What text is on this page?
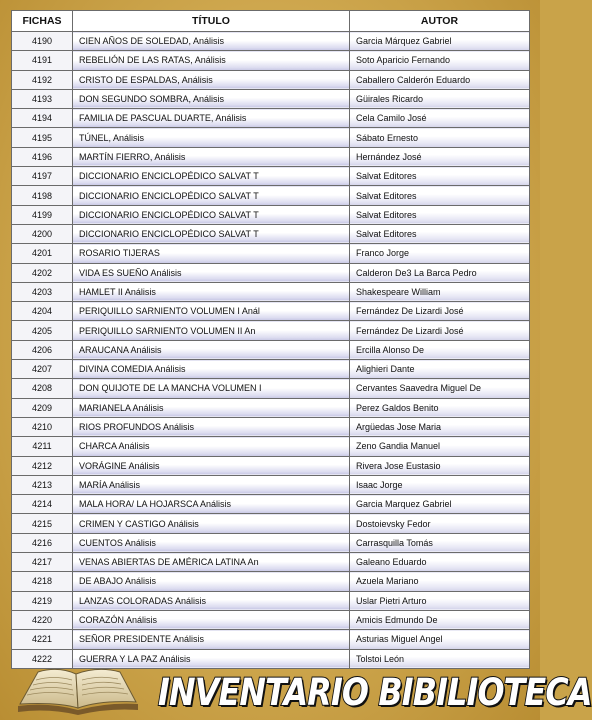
FICHAS	TÍTULO	AUTOR
4190	CIEN AÑOS DE SOLEDAD, Análisis	Garcia Márquez Gabriel
4191	REBELIÓN DE LAS RATAS, Análisis	Soto Aparicio Fernando
4192	CRISTO DE ESPALDAS, Análisis	Caballero Calderón Eduardo
4193	DON SEGUNDO SOMBRA, Análisis	Güirales Ricardo
4194	FAMILIA DE PASCUAL DUARTE, Análisis	Cela Camilo José
4195	TÚNEL, Análisis	Sábato Ernesto
4196	MARTÍN FIERRO, Análisis	Hernández José
4197	DICCIONARIO ENCICLOPÉDICO SALVAT T	Salvat Editores
4198	DICCIONARIO ENCICLOPÉDICO SALVAT T	Salvat Editores
4199	DICCIONARIO ENCICLOPÉDICO SALVAT T	Salvat Editores
4200	DICCIONARIO ENCICLOPÉDICO SALVAT T	Salvat Editores
4201	ROSARIO TIJERAS	Franco Jorge
4202	VIDA ES SUEÑO Análisis	Calderon De3 La Barca Pedro
4203	HAMLET II Análisis	Shakespeare William
4204	PERIQUILLO SARNIENTO VOLUMEN I Anál	Fernández De Lizardi José
4205	PERIQUILLO SARNIENTO VOLUMEN II An	Fernández De Lizardi José
4206	ARAUCANA Análisis	Ercilla Alonso De
4207	DIVINA COMEDIA Análisis	Alighieri Dante
4208	DON QUIJOTE DE LA MANCHA VOLUMEN I	Cervantes Saavedra Miguel De
4209	MARIANELA Análisis	Perez Galdos Benito
4210	RIOS PROFUNDOS Análisis	Argüedas Jose Maria
4211	CHARCA Análisis	Zeno Gandia Manuel
4212	VORÁGINE Análisis	Rivera Jose Eustasio
4213	MARÍA Análisis	Isaac Jorge
4214	MALA HORA/ LA HOJARSCA Análisis	Garcia Marquez Gabriel
4215	CRIMEN Y CASTIGO Análisis	Dostoievsky Fedor
4216	CUENTOS Análisis	Carrasquilla Tomás
4217	VENAS ABIERTAS DE AMÉRICA LATINA An	Galeano Eduardo
4218	DE ABAJO Análisis	Azuela Mariano
4219	LANZAS COLORADAS Análisis	Uslar Pietri Arturo
4220	CORAZÓN Análisis	Amicis Edmundo De
4221	SEÑOR PRESIDENTE Análisis	Asturias Miguel Angel
4222	GUERRA Y LA PAZ Análisis	Tolstoi León
INVENTARIO BIBILIOTECA
